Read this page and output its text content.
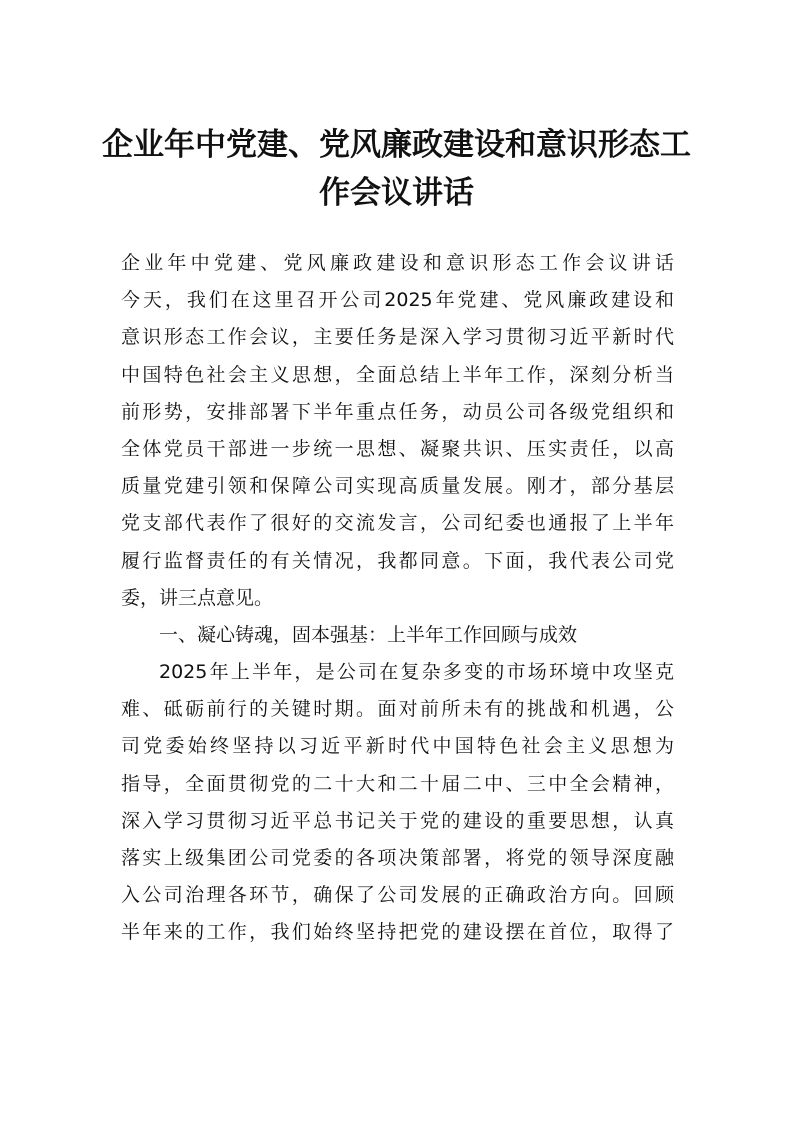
企业年中党建、党风廉政建设和意识形态工
作会议讲话
企业年中党建、党风廉政建设和意识形态工作会议讲话
今天，我们在这里召开公司2025年党建、党风廉政建设和
意识形态工作会议，主要任务是深入学习贯彻习近平新时代
中国特色社会主义思想，全面总结上半年工作，深刻分析当
前形势，安排部署下半年重点任务，动员公司各级党组织和
全体党员干部进一步统一思想、凝聚共识、压实责任，以高
质量党建引领和保障公司实现高质量发展。刚才，部分基层
党支部代表作了很好的交流发言，公司纪委也通报了上半年
履行监督责任的有关情况，我都同意。下面，我代表公司党
委，讲三点意见。
一、凝心铸魂，固本强基：上半年工作回顾与成效
2025年上半年，是公司在复杂多变的市场环境中攻坚克
难、砥砺前行的关键时期。面对前所未有的挑战和机遇，公
司党委始终坚持以习近平新时代中国特色社会主义思想为
指导，全面贯彻党的二十大和二十届二中、三中全会精神，
深入学习贯彻习近平总书记关于党的建设的重要思想，认真
落实上级集团公司党委的各项决策部署，将党的领导深度融
入公司治理各环节，确保了公司发展的正确政治方向。回顾
半年来的工作，我们始终坚持把党的建设摆在首位，取得了
